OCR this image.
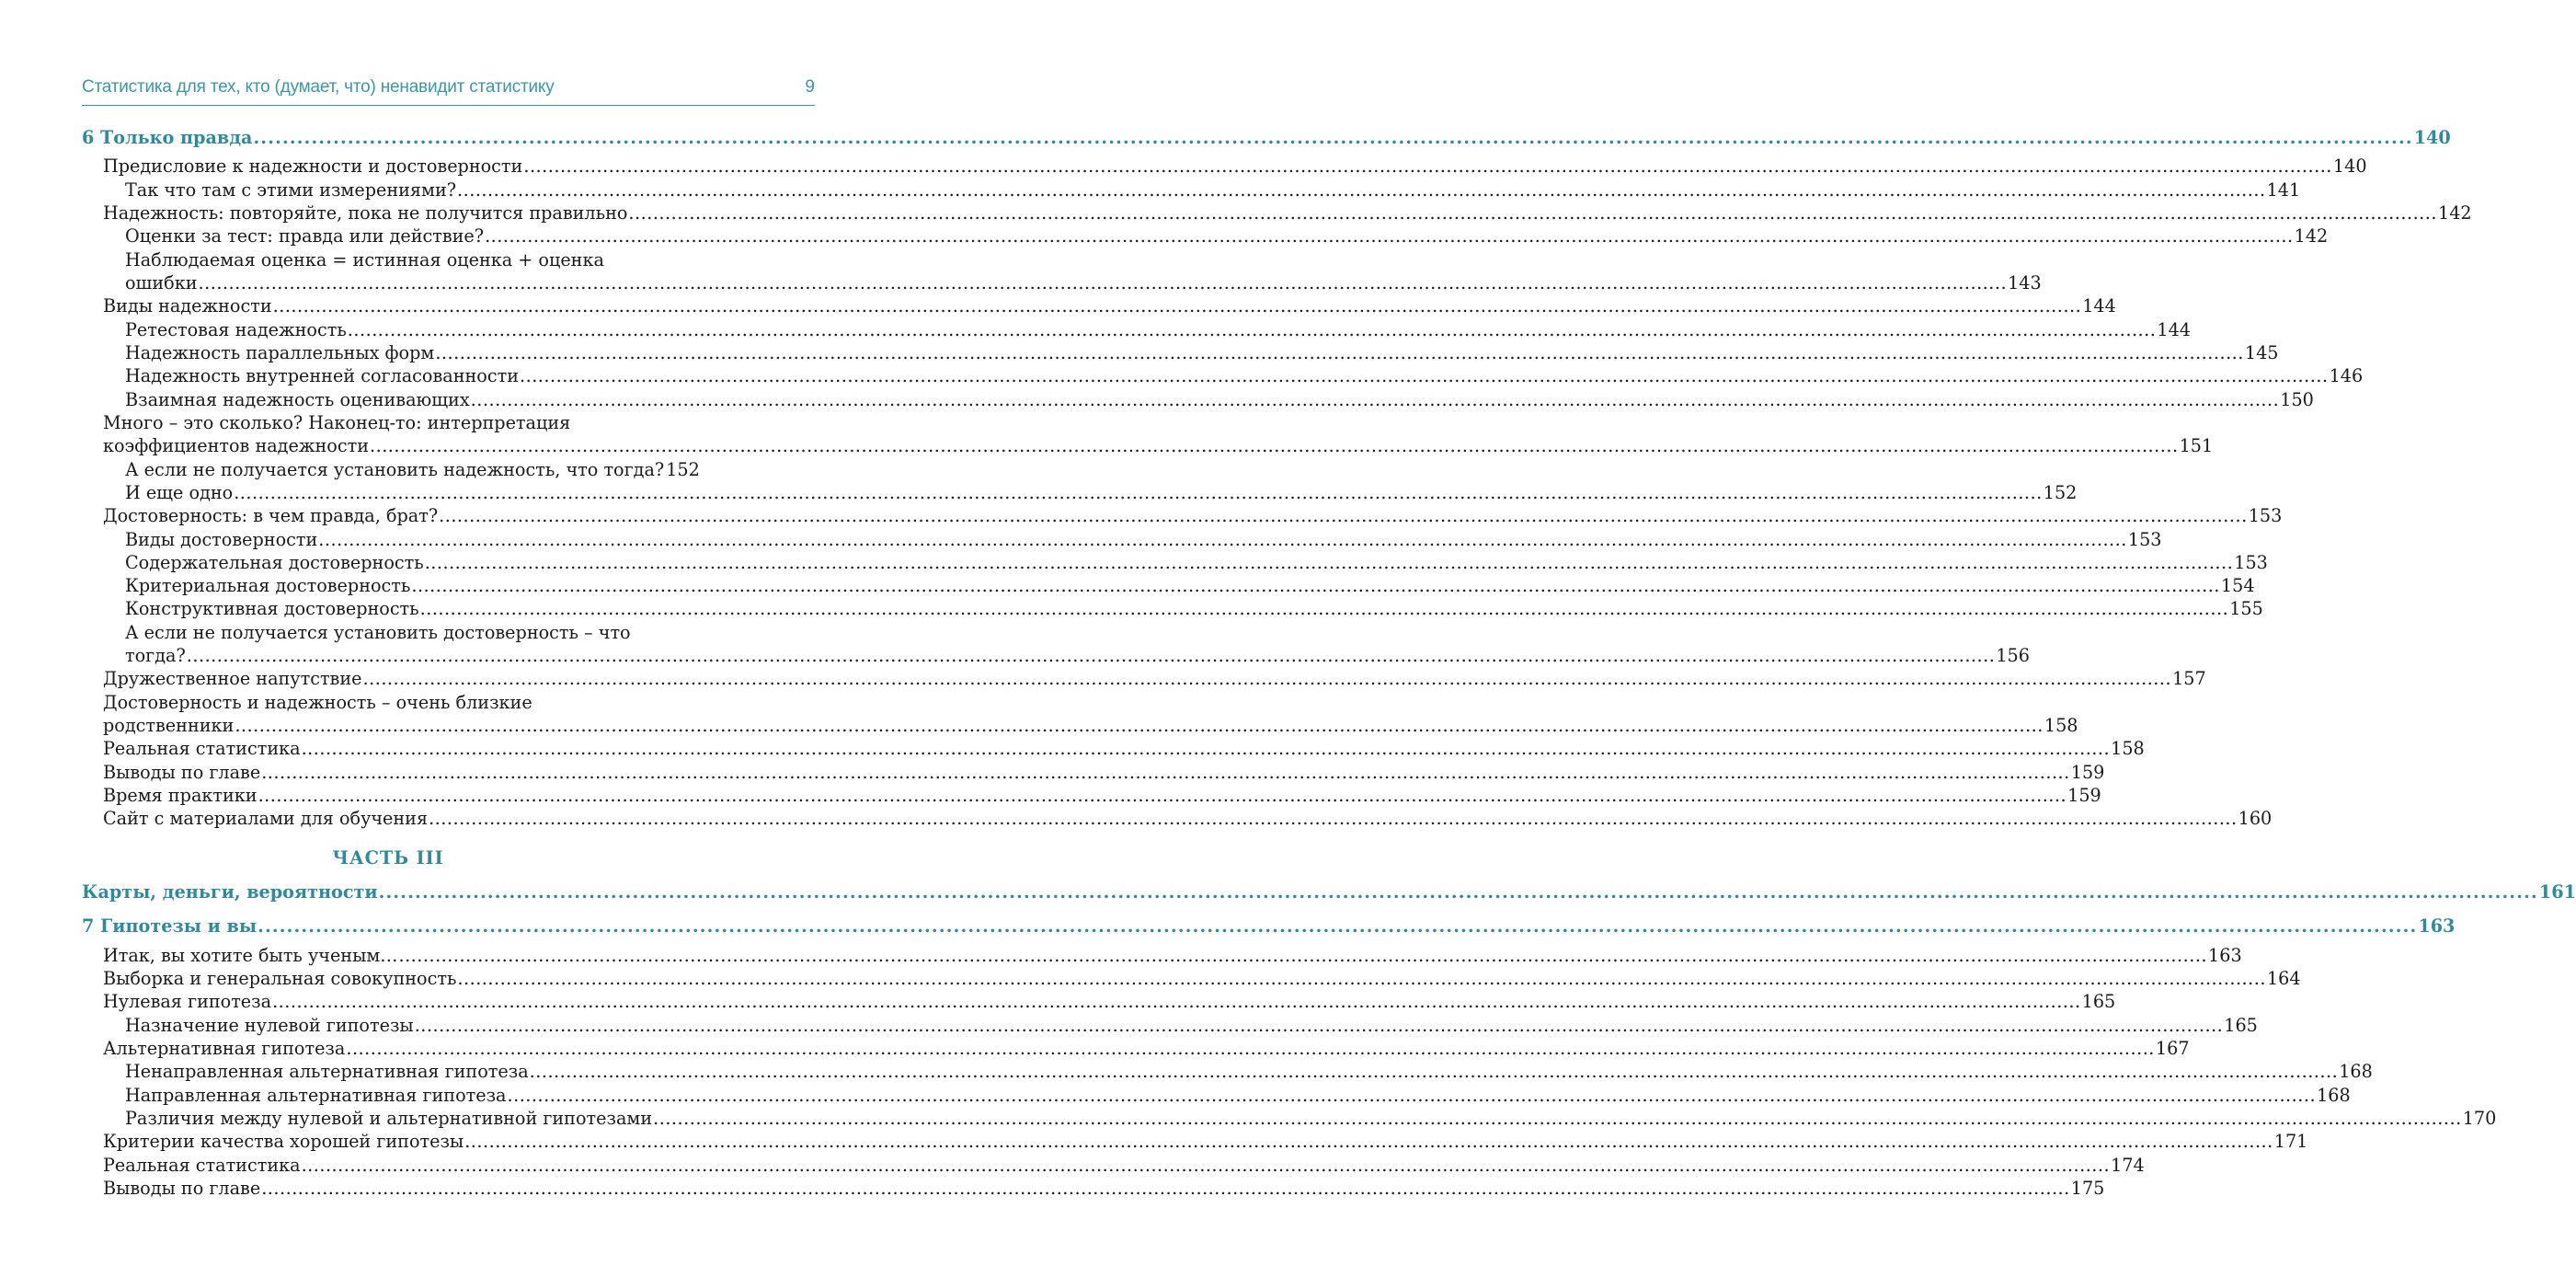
Статистика для тех, кто (думает, что) ненавидит статистику	9
6 Только правда .....	140
Предисловие к надежности и достоверности .....	140
Так что там с этими измерениями? .....	141
Надежность: повторяйте, пока не получится правильно .....	142
Оценки за тест: правда или действие? .....	142
Наблюдаемая оценка = истинная оценка + оценка
ошибки .....	143
Виды надежности .....	144
Ретестовая надежность .....	144
Надежность параллельных форм .....	145
Надежность внутренней согласованности .....	146
Взаимная надежность оценивающих .....	150
Много – это сколько? Наконец-то: интерпретация
коэффициентов надежности .....	151
А если не получается установить надежность, что тогда? 152
И еще одно .....	152
Достоверность: в чем правда, брат? .....	153
Виды достоверности .....	153
Содержательная достоверность .....	153
Критериальная достоверность .....	154
Конструктивная достоверность .....	155
А если не получается установить достоверность – что
тогда? .....	156
Дружественное напутствие .....	157
Достоверность и надежность – очень близкие
родственники .....	158
Реальная статистика .....	158
Выводы по главе .....	159
Время практики .....	159
Сайт с материалами для обучения .....	160
ЧАСТЬ III
Карты, деньги, вероятности .....	161
7 Гипотезы и вы .....	163
Итак, вы хотите быть ученым… .....	163
Выборка и генеральная совокупность .....	164
Нулевая гипотеза .....	165
Назначение нулевой гипотезы .....	165
Альтернативная гипотеза .....	167
Ненаправленная альтернативная гипотеза .....	168
Направленная альтернативная гипотеза .....	168
Различия между нулевой и альтернативной гипотезами .....	170
Критерии качества хорошей гипотезы .....	171
Реальная статистика .....	174
Выводы по главе .....	175
